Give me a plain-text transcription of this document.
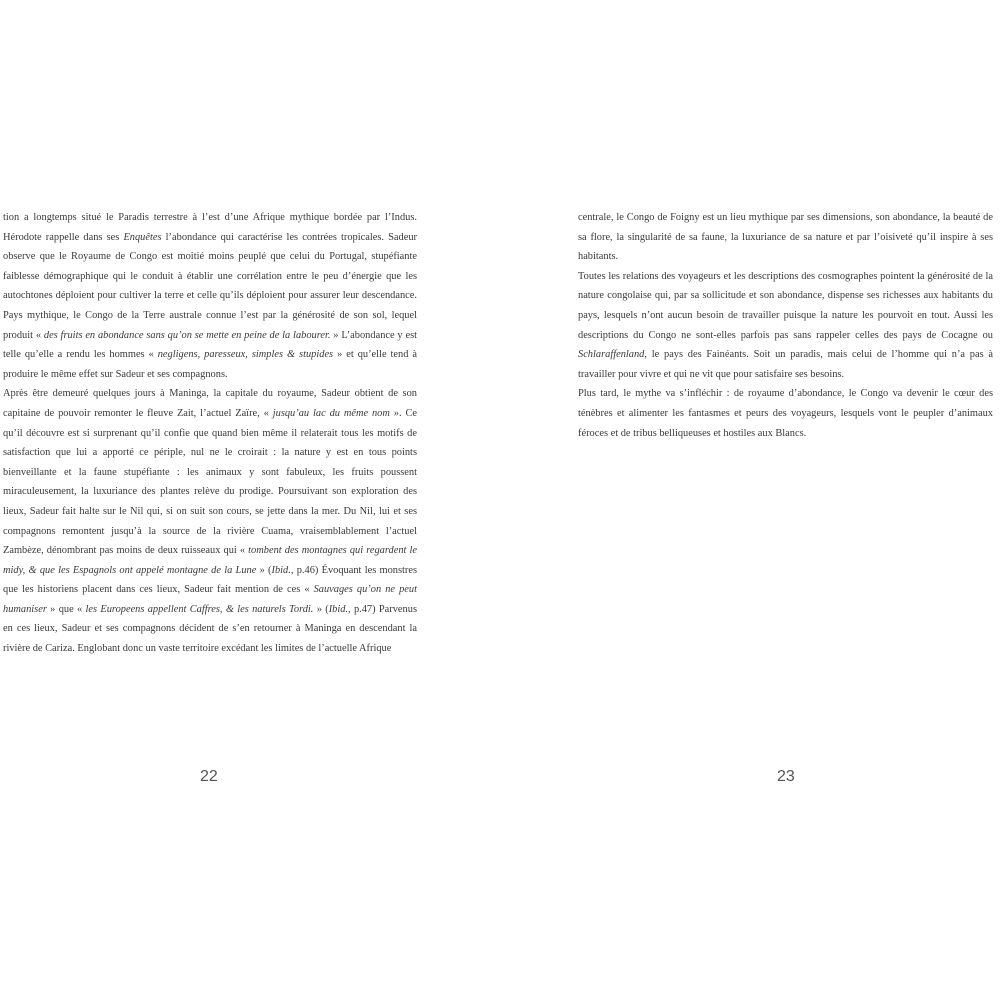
tion a longtemps situé le Paradis terrestre à l’est d’une Afrique mythique bordée par l’Indus. Hérodote rappelle dans ses Enquêtes l’abondance qui caractérise les contrées tropicales. Sadeur observe que le Royaume de Congo est moitié moins peuplé que celui du Portugal, stupéfiante faiblesse démographique qui le conduit à établir une corrélation entre le peu d’énergie que les autochtones déploient pour cultiver la terre et celle qu’ils déploient pour assurer leur descendance. Pays mythique, le Congo de la Terre australe connue l’est par la générosité de son sol, lequel produit « des fruits en abondance sans qu’on se mette en peine de la labourer. » L’abondance y est telle qu’elle a rendu les hommes « negligens, paresseux, simples & stupides » et qu’elle tend à produire le même effet sur Sadeur et ses compagnons.

Après être demeuré quelques jours à Maninga, la capitale du royaume, Sadeur obtient de son capitaine de pouvoir remonter le fleuve Zait, l’actuel Zaïre, « jusqu’au lac du même nom ». Ce qu’il découvre est si surprenant qu’il confie que quand bien même il relaterait tous les motifs de satisfaction que lui a apporté ce périple, nul ne le croirait : la nature y est en tous points bienveillante et la faune stupéfiante : les animaux y sont fabuleux, les fruits poussent miraculeusement, la luxuriance des plantes relève du prodige. Poursuivant son exploration des lieux, Sadeur fait halte sur le Nil qui, si on suit son cours, se jette dans la mer. Du Nil, lui et ses compagnons remontent jusqu’à la source de la rivière Cuama, vraisemblablement l’actuel Zambèze, dénombrant pas moins de deux ruisseaux qui « tombent des montagnes qui regardent le midy, & que les Espagnols ont appelé montagne de la Lune » (Ibid., p.46) Évoquant les monstres que les historiens placent dans ces lieux, Sadeur fait mention de ces « Sauvages qu’on ne peut humaniser » que « les Europeens appellent Caffres, & les naturels Tordi. » (Ibid., p.47) Parvenus en ces lieux, Sadeur et ses compagnons décident de s’en retourner à Maninga en descendant la rivière de Cariza. Englobant donc un vaste territoire excédant les limites de l’actuelle Afrique

22

centrale, le Congo de Foigny est un lieu mythique par ses dimensions, son abondance, la beauté de sa flore, la singularité de sa faune, la luxuriance de sa nature et par l’oisiveté qu’il inspire à ses habitants.

Toutes les relations des voyageurs et les descriptions des cosmographes pointent la générosité de la nature congolaise qui, par sa sollicitude et son abondance, dispense ses richesses aux habitants du pays, lesquels n’ont aucun besoin de travailler puisque la nature les pourvoit en tout. Aussi les descriptions du Congo ne sont-elles parfois pas sans rappeler celles des pays de Cocagne ou Schlaraffenland, le pays des Fainéants. Soit un paradis, mais celui de l’homme qui n’a pas à travailler pour vivre et qui ne vit que pour satisfaire ses besoins.

Plus tard, le mythe va s’infléchir : de royaume d’abondance, le Congo va devenir le cœur des ténèbres et alimenter les fantasmes et peurs des voyageurs, lesquels vont le peupler d’animaux féroces et de tribus belliqueuses et hostiles aux Blancs.

23
